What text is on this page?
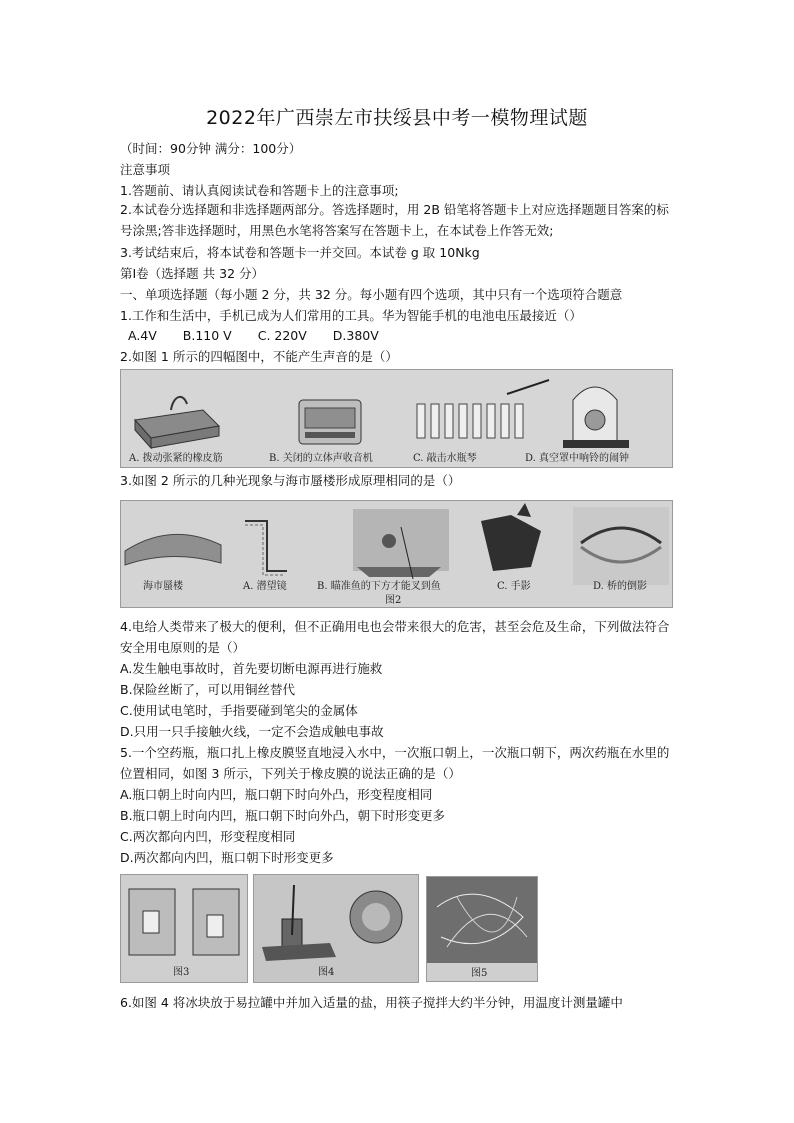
2022年广西崇左市扶绥县中考一模物理试题
（时间：90分钟 满分：100分）
注意事项
1.答题前、请认真阅读试卷和答题卡上的注意事项;
2.本试卷分选择题和非选择题两部分。答选择题时，用 2B 铅笔将答题卡上对应选择题题目答案的标号涂黑;答非选择题时，用黑色水笔将答案写在答题卡上，在本试卷上作答无效;
3.考试结束后，将本试卷和答题卡一并交回。本试卷 g 取 10Nkg
第Ⅰ卷（选择题 共 32 分）
一、单项选择题（每小题 2 分，共 32 分。每小题有四个选项，其中只有一个选项符合题意
1.工作和生活中，手机已成为人们常用的工具。华为智能手机的电池电压最接近（）
A.4V B.110 V C. 220V D.380V
2.如图 1 所示的四幅图中，不能产生声音的是（）
A. 拨动张紧的橡皮筋	B. 关闭的立体声收音机	C. 敲击水瓶琴	D. 真空罩中响铃的闹钟
3.如图 2 所示的几种光现象与海市蜃楼形成原理相同的是（）
海市蜃楼	A. 潜望镜	B. 瞄准鱼的下方才能叉到鱼	C. 手影	D. 桥的倒影
图2
4.电给人类带来了极大的便利，但不正确用电也会带来很大的危害，甚至会危及生命，下列做法符合安全用电原则的是（）
A.发生触电事故时，首先要切断电源再进行施救
B.保险丝断了，可以用铜丝替代
C.使用试电笔时，手指要碰到笔尖的金属体
D.只用一只手接触火线，一定不会造成触电事故
5.一个空药瓶，瓶口扎上橡皮膜竖直地浸入水中，一次瓶口朝上，一次瓶口朝下，两次药瓶在水里的位置相同，如图 3 所示，下列关于橡皮膜的说法正确的是（）
A.瓶口朝上时向内凹，瓶口朝下时向外凸，形变程度相同
B.瓶口朝上时向内凹，瓶口朝下时向外凸，朝下时形变更多
C.两次都向内凹，形变程度相同
D.两次都向内凹，瓶口朝下时形变更多
图3	图4	图5
6.如图 4 将冰块放于易拉罐中并加入适量的盐，用筷子搅拌大约半分钟，用温度计测量罐中
